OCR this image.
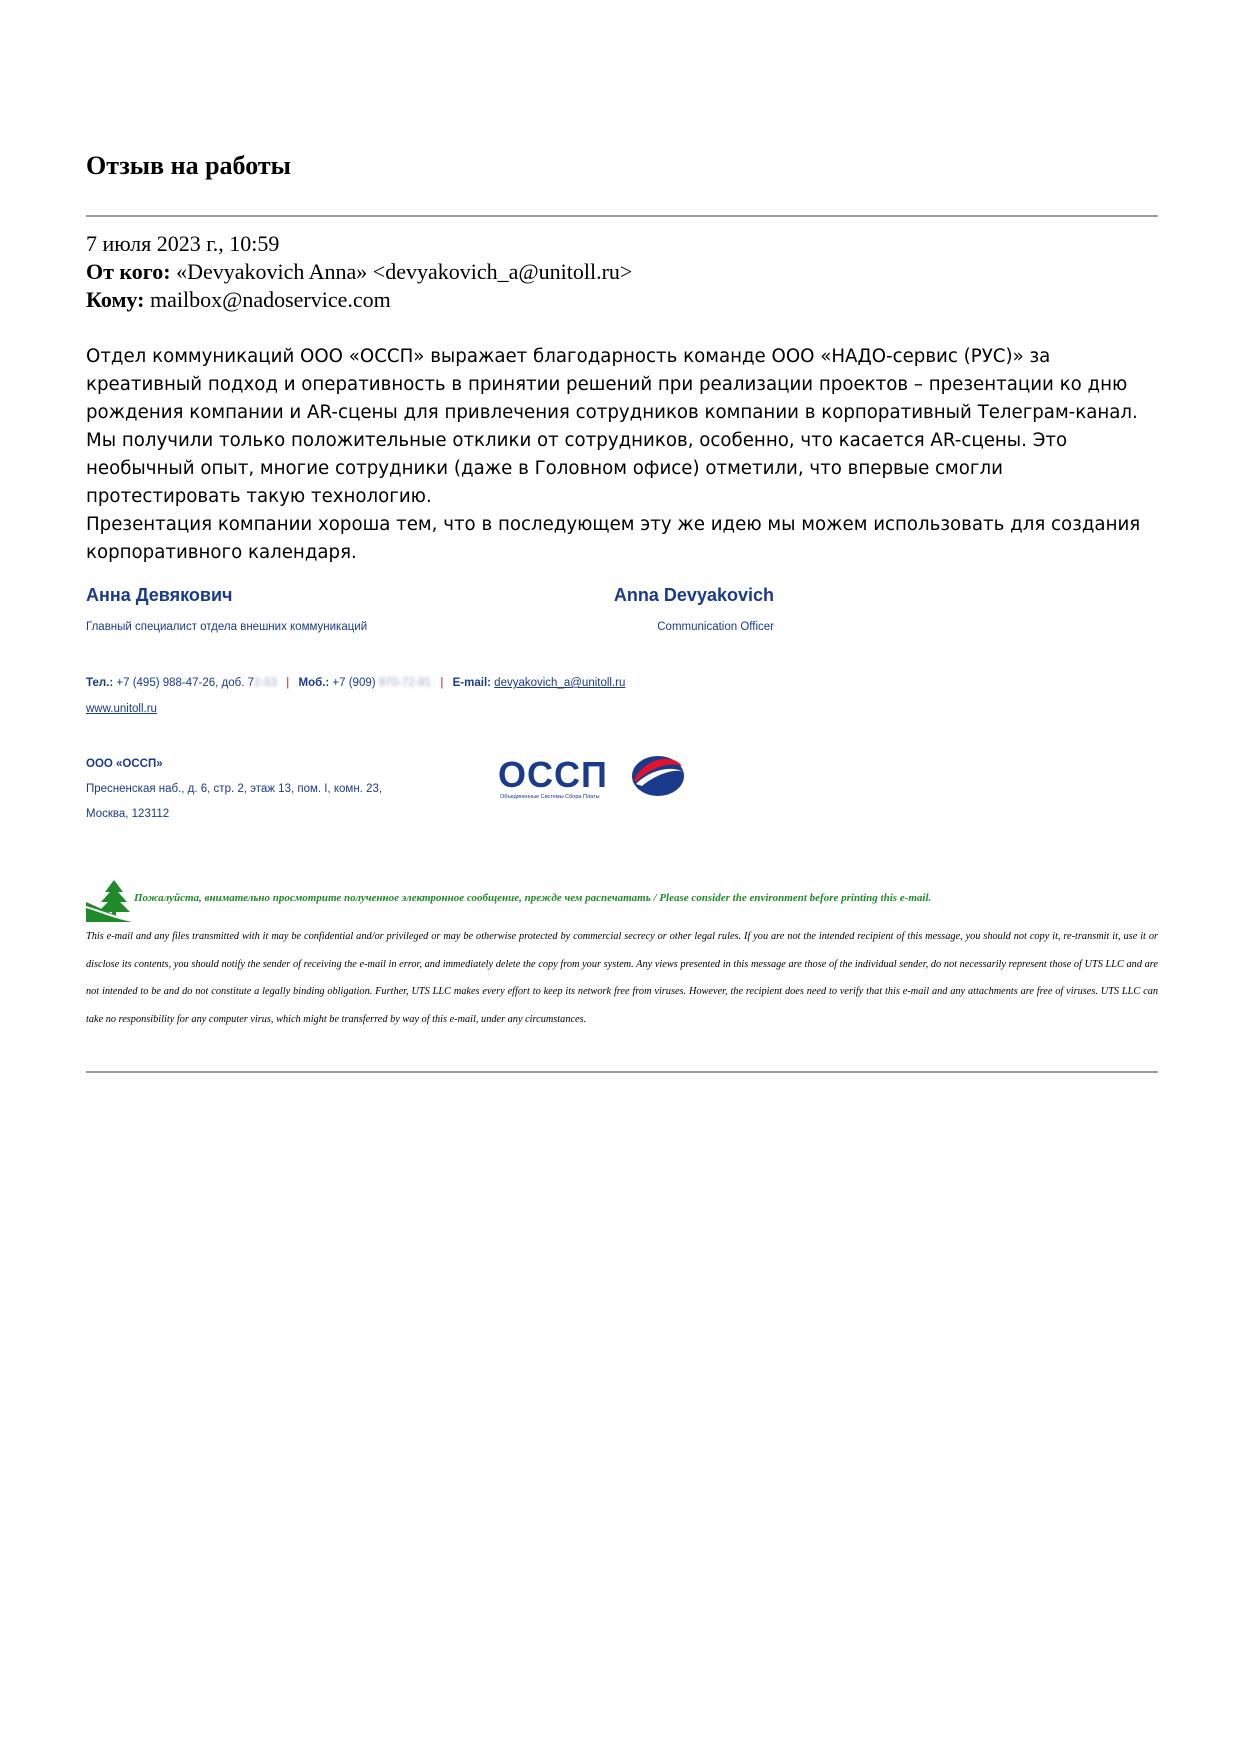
Отзыв на работы
7 июля 2023 г., 10:59
От кого: «Devyakovich Anna» <devyakovich_a@unitoll.ru>
Кому: mailbox@nadoservice.com

Отдел коммуникаций ООО «ОССП» выражает благодарность команде ООО «НАДО-сервис (РУС)» за креативный подход и оперативность в принятии решений при реализации проектов – презентации ко дню рождения компании и AR-сцены для привлечения сотрудников компании в корпоративный Телеграм-канал. Мы получили только положительные отклики от сотрудников, особенно, что касается AR-сцены. Это необычный опыт, многие сотрудники (даже в Головном офисе) отметили, что впервые смогли протестировать такую технологию.

Презентация компании хороша тем, что в последующем эту же идею мы можем использовать для создания корпоративного календаря.

Анна Девякович
Главный специалист отдела внешних коммуникаций
Anna Devyakovich
Communication Officer
Тел.: +7 (495) 988-47-26, доб. 72-53 | Моб.: +7 (909) 970-72-91 | E-mail: devyakovich_a@unitoll.ru
www.unitoll.ru
ООО «ОССП»
Пресненская наб., д. 6, стр. 2, этаж 13, пом. I, комн. 23,
Москва, 123112
ОССП
Объединенные Системы Сбора Платы
Пожалуйста, внимательно просмотрите полученное электронное сообщение, прежде чем распечатать / Please consider the environment before printing this e-mail.

This e-mail and any files transmitted with it may be confidential and/or privileged or may be otherwise protected by commercial secrecy or other legal rules. If you are not the intended recipient of this message, you should not copy it, re-transmit it, use it or disclose its contents, you should notify the sender of receiving the e-mail in error, and immediately delete the copy from your system. Any views presented in this message are those of the individual sender, do not necessarily represent those of UTS LLC and are not intended to be and do not constitute a legally binding obligation. Further, UTS LLC makes every effort to keep its network free from viruses. However, the recipient does need to verify that this e-mail and any attachments are free of viruses. UTS LLC can take no responsibility for any computer virus, which might be transferred by way of this e-mail, under any circumstances.
